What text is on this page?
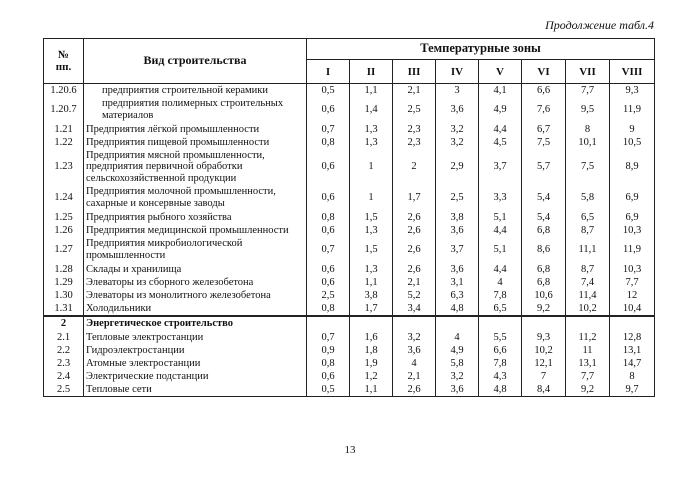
Продолжение табл.4
№
пп.	Вид строительства	Температурные зоны							
		I	II	III	IV	V	VI	VII	VIII
1.20.6	предприятия строительной керамики	0,5	1,1	2,1	3	4,1	6,6	7,7	9,3
1.20.7	предприятия полимерных строительных материалов	0,6	1,4	2,5	3,6	4,9	7,6	9,5	11,9
1.21	Предприятия лёгкой промышленности	0,7	1,3	2,3	3,2	4,4	6,7	8	9
1.22	Предприятия пищевой промышленности	0,8	1,3	2,3	3,2	4,5	7,5	10,1	10,5
1.23	Предприятия мясной промышленности, предприятия первичной обработки сельскохозяйственной продукции	0,6	1	2	2,9	3,7	5,7	7,5	8,9
1.24	Предприятия молочной промышленности, сахарные и консервные заводы	0,6	1	1,7	2,5	3,3	5,4	5,8	6,9
1.25	Предприятия рыбного хозяйства	0,8	1,5	2,6	3,8	5,1	5,4	6,5	6,9
1.26	Предприятия медицинской промышленности	0,6	1,3	2,6	3,6	4,4	6,8	8,7	10,3
1.27	Предприятия микробиологической промышленности	0,7	1,5	2,6	3,7	5,1	8,6	11,1	11,9
1.28	Склады и хранилища	0,6	1,3	2,6	3,6	4,4	6,8	8,7	10,3
1.29	Элеваторы из сборного железобетона	0,6	1,1	2,1	3,1	4	6,8	7,4	7,7
1.30	Элеваторы из монолитного железобетона	2,5	3,8	5,2	6,3	7,8	10,6	11,4	12
1.31	Холодильники	0,8	1,7	3,4	4,8	6,5	9,2	10,2	10,4
2	Энергетическое строительство								
2.1	Тепловые электростанции	0,7	1,6	3,2	4	5,5	9,3	11,2	12,8
2.2	Гидроэлектростанции	0,9	1,8	3,6	4,9	6,6	10,2	11	13,1
2.3	Атомные электростанции	0,8	1,9	4	5,8	7,8	12,1	13,1	14,7
2.4	Электрические подстанции	0,6	1,2	2,1	3,2	4,3	7	7,7	8
2.5	Тепловые сети	0,5	1,1	2,6	3,6	4,8	8,4	9,2	9,7
13
